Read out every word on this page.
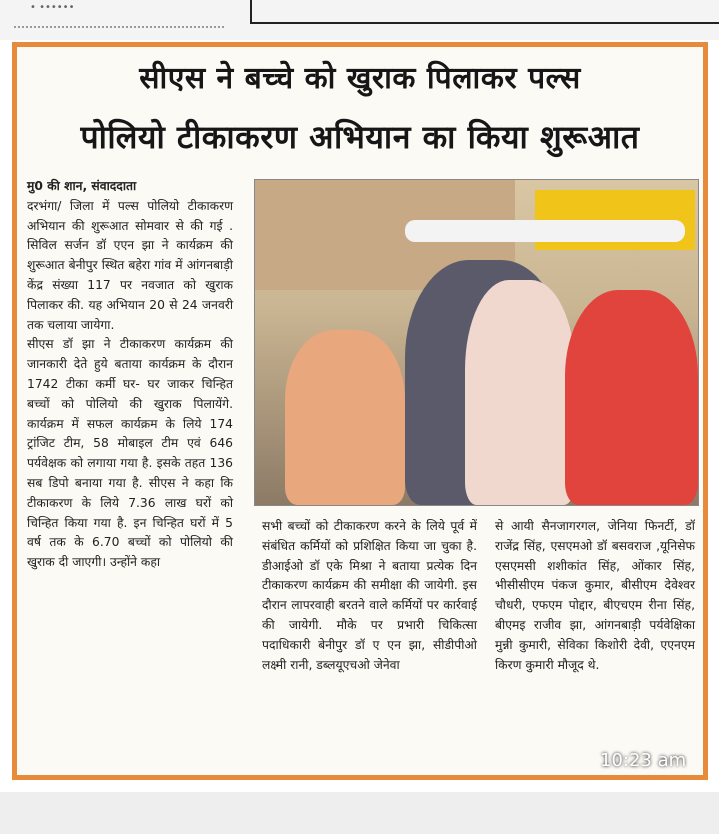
• ••••••
सीएस ने बच्चे को खुराक पिलाकर पल्स
पोलियो टीकाकरण अभियान का किया शुरूआत
मु0 की शान, संवाददाता
दरभंगा/ जिला में पल्स पोलियो टीकाकरण अभियान की शुरूआत सोमवार से की गई . सिविल सर्जन डॉ एएन झा ने कार्यक्रम की शुरूआत बेनीपुर स्थित बहेरा गांव में आंगनबाड़ी केंद्र संख्या 117 पर नवजात को खुराक पिलाकर की. यह अभियान 20 से 24 जनवरी तक चलाया जायेगा.
सीएस डॉ झा ने टीकाकरण कार्यक्रम की जानकारी देते हुये बताया कार्यक्रम के दौरान 1742 टीका कर्मी घर- घर जाकर चिन्हित बच्चों को पोलियो की खुराक पिलायेंगे. कार्यक्रम में सफल कार्यक्रम के लिये 174 ट्रांजिट टीम, 58 मोबाइल टीम एवं 646 पर्यवेक्षक को लगाया गया है. इसके तहत 136 सब डिपो बनाया गया है. सीएस ने कहा कि टीकाकरण के लिये 7.36 लाख घरों को चिन्हित किया गया है. इन चिन्हित घरों में 5 वर्ष तक के 6.70 बच्चों को पोलियो की खुराक दी जाएगी। उन्होंने कहा
सभी बच्चों को टीकाकरण करने के लिये पूर्व में संबंधित कर्मियों को प्रशिक्षित किया जा चुका है. डीआईओ डॉ एके मिश्रा ने बताया प्रत्येक दिन टीकाकरण कार्यक्रम की समीक्षा की जायेगी. इस दौरान लापरवाही बरतने वाले कर्मियों पर कार्रवाई की जायेगी. मौके पर प्रभारी चिकित्सा पदाधिकारी बेनीपुर डॉ ए एन झा, सीडीपीओ लक्ष्मी रानी, डब्लयूएचओ जेनेवा
से आयी सैनजागरगल, जेनिया फिनर्टी, डॉ राजेंद्र सिंह, एसएमओ डॉ बसवराज ,यूनिसेफ एसएमसी शशीकांत सिंह, ओंकार सिंह, भीसीसीएम पंकज कुमार, बीसीएम देवेश्वर चौधरी, एफएम पोद्दार, बीएचएम रीना सिंह, बीएमइ राजीव झा, आंगनबाड़ी पर्यवेक्षिका मुन्नी कुमारी, सेविका किशोरी देवी, एएनएम किरण कुमारी मौजूद थे.
10:23 am
